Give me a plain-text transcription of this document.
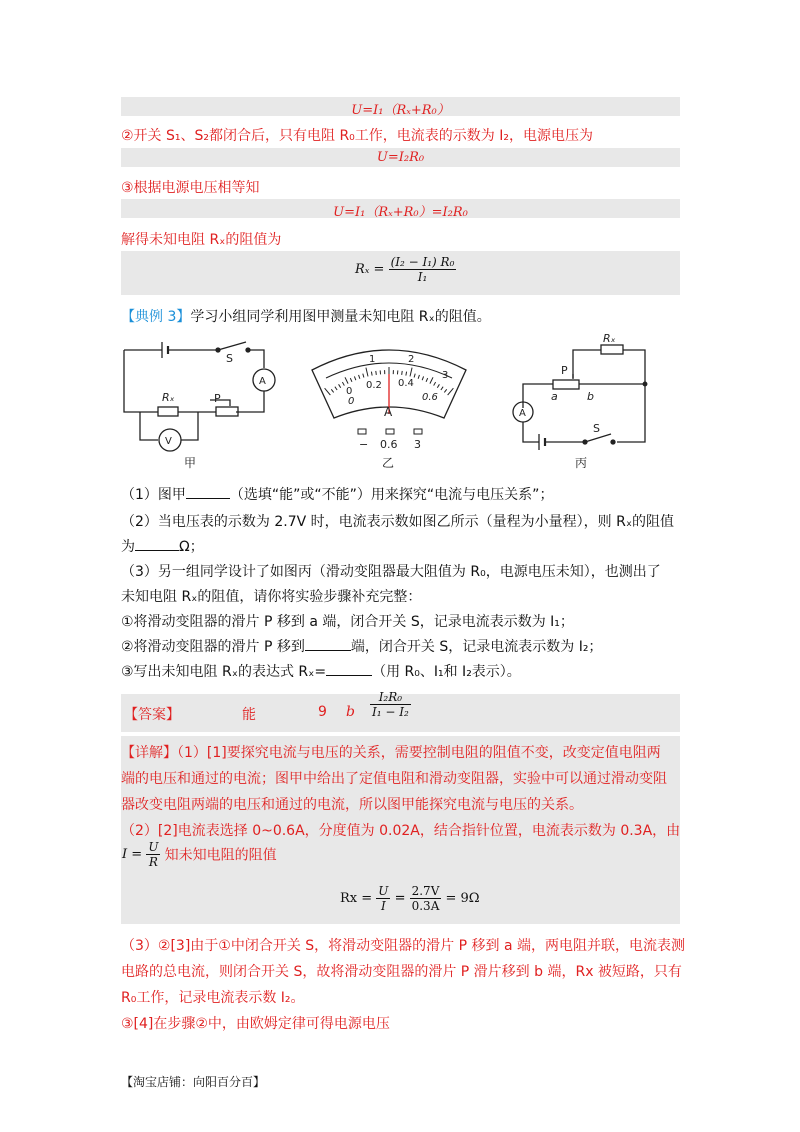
U=I₁（Rₓ+R₀）
②开关 S₁、S₂都闭合后，只有电阻 R₀工作，电流表的示数为 I₂，电源电压为
U=I₂R₀
③根据电源电压相等知
U=I₁（Rₓ+R₀）=I₂R₀
解得未知电阻 Rₓ的阻值为
$R_x = \frac{\text{(I₂ − I₁) R₀}}{\text{I₁}}$
【典例 3】学习小组同学利用图甲测量未知电阻 Rₓ的阻值。
Rₓ	P
S
A
V
甲
0
1	2
3
0
0.2 0.4
0.6
A
− 0.6 3
乙
Rₓ
P
a	b
A
S
丙
（1）图甲	（选填“能”或“不能”）用来探究“电流与电压关系”；
（2）当电压表的示数为 2.7V 时，电流表示数如图乙所示（量程为小量程），则 Rₓ的阻值
为	Ω；
（3）另一组同学设计了如图丙（滑动变阻器最大阻值为 R₀，电源电压未知），也测出了
未知电阻 Rₓ的阻值，请你将实验步骤补充完整：
①将滑动变阻器的滑片 P 移到 a 端，闭合开关 S，记录电流表示数为 I₁；
②将滑动变阻器的滑片 P 移到	端，闭合开关 S，记录电流表示数为 I₂；
③写出未知电阻 Rₓ的表达式 Rₓ=	（用 R₀、I₁和 I₂表示）。
【答案】	能	9 b $\frac{\text{I₂R₀}}{\text{I₁ − I₂}}$
【详解】（1）[1]要探究电流与电压的关系，需要控制电阻的阻值不变，改变定值电阻两
端的电压和通过的电流；图甲中给出了定值电阻和滑动变阻器，实验中可以通过滑动变阻
器改变电阻两端的电压和通过的电流，所以图甲能探究电流与电压的关系。
（2）[2]电流表选择 0~0.6A，分度值为 0.02A，结合指针位置，电流表示数为 0.3A，由
$I = \frac{U}{R}$ 知未知电阻的阻值
$Rx = \frac{U}{I} = \frac{2.7V}{0.3A} = 9\Omega$
（3）②[3]由于①中闭合开关 S，将滑动变阻器的滑片 P 移到 a 端，两电阻并联，电流表测
电路的总电流，则闭合开关 S，故将滑动变阻器的滑片 P 滑片移到 b 端，Rx 被短路，只有
R₀工作，记录电流表示数 I₂。
③[4]在步骤②中，由欧姆定律可得电源电压
【淘宝店铺：向阳百分百】
